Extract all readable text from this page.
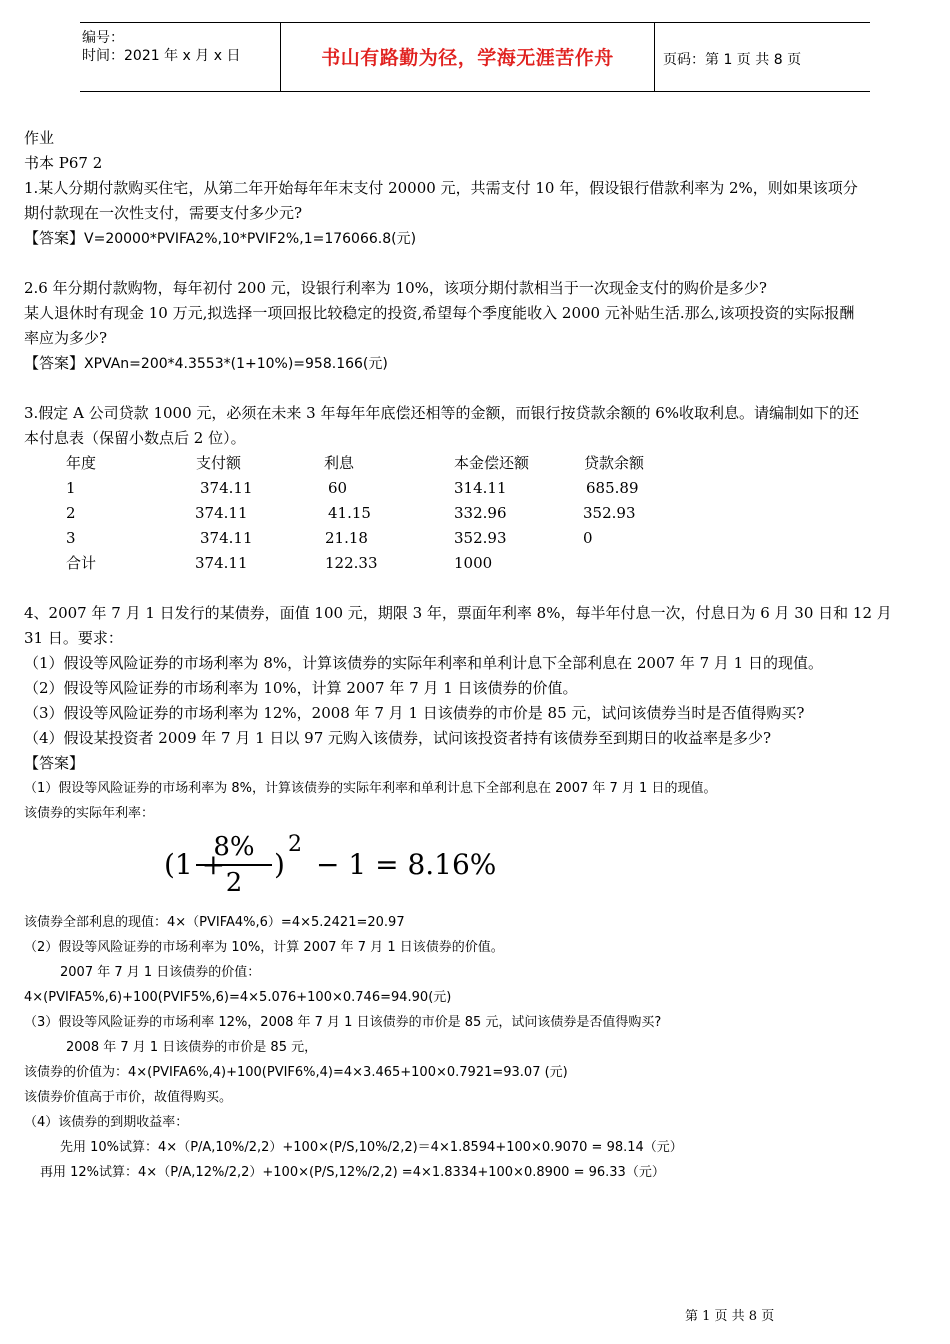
编号：
时间：2021 年 x 月 x 日	书山有路勤为径，学海无涯苦作舟	页码：第 1 页 共 8 页
作业
书本 P67 2
1.某人分期付款购买住宅，从第二年开始每年年末支付 20000 元，共需支付 10 年，假设银行借款利率为 2%，则如果该项分
期付款现在一次性支付，需要支付多少元?
【答案】V=20000*PVIFA2%,10*PVIF2%,1=176066.8(元)
2.6 年分期付款购物，每年初付 200 元，设银行利率为 10%，该项分期付款相当于一次现金支付的购价是多少?
某人退休时有现金 10 万元,拟选择一项回报比较稳定的投资,希望每个季度能收入 2000 元补贴生活.那么,该项投资的实际报酬
率应为多少?
【答案】XPVAn=200*4.3553*(1+10%)=958.166(元)
3.假定 A 公司贷款 1000 元，必须在未来 3 年每年年底偿还相等的金额，而银行按贷款余额的 6%收取利息。请编制如下的还
本付息表（保留小数点后 2 位）。
年度	支付额	利息	本金偿还额	贷款余额
1	374.11	60	314.11	685.89
2	374.11	41.15	332.96	352.93
3	374.11	21.18	352.93	0
合计	374.11	122.33	1000
4、2007 年 7 月 1 日发行的某债券，面值 100 元，期限 3 年，票面年利率 8%，每半年付息一次，付息日为 6 月 30 日和 12 月
31 日。要求：
（1）假设等风险证券的市场利率为 8%，计算该债券的实际年利率和单利计息下全部利息在 2007 年 7 月 1 日的现值。
（2）假设等风险证券的市场利率为 10%，计算 2007 年 7 月 1 日该债券的价值。
（3）假设等风险证券的市场利率为 12%，2008 年 7 月 1 日该债券的市价是 85 元，试问该债券当时是否值得购买?
（4）假设某投资者 2009 年 7 月 1 日以 97 元购入该债券，试问该投资者持有该债券至到期日的收益率是多少?
【答案】
（1）假设等风险证券的市场利率为 8%，计算该债券的实际年利率和单利计息下全部利息在 2007 年 7 月 1 日的现值。
该债券的实际年利率：
(1 +
8%
2
)
2
− 1 = 8.16%
该债券全部利息的现值：4×（PVIFA4%,6）=4×5.2421=20.97
（2）假设等风险证券的市场利率为 10%，计算 2007 年 7 月 1 日该债券的价值。
2007 年 7 月 1 日该债券的价值：
4×(PVIFA5%,6)+100(PVIF5%,6)=4×5.076+100×0.746=94.90(元)
（3）假设等风险证券的市场利率 12%，2008 年 7 月 1 日该债券的市价是 85 元，试问该债券是否值得购买?
2008 年 7 月 1 日该债券的市价是 85 元，
该债券的价值为：4×(PVIFA6%,4)+100(PVIF6%,4)=4×3.465+100×0.7921=93.07 (元)
该债券价值高于市价，故值得购买。
（4）该债券的到期收益率：
先用 10%试算：4×（P/A,10%/2,2）+100×(P/S,10%/2,2)＝4×1.8594+100×0.9070 = 98.14（元）
再用 12%试算：4×（P/A,12%/2,2）+100×(P/S,12%/2,2) =4×1.8334+100×0.8900 = 96.33（元）
第 1 页 共 8 页
